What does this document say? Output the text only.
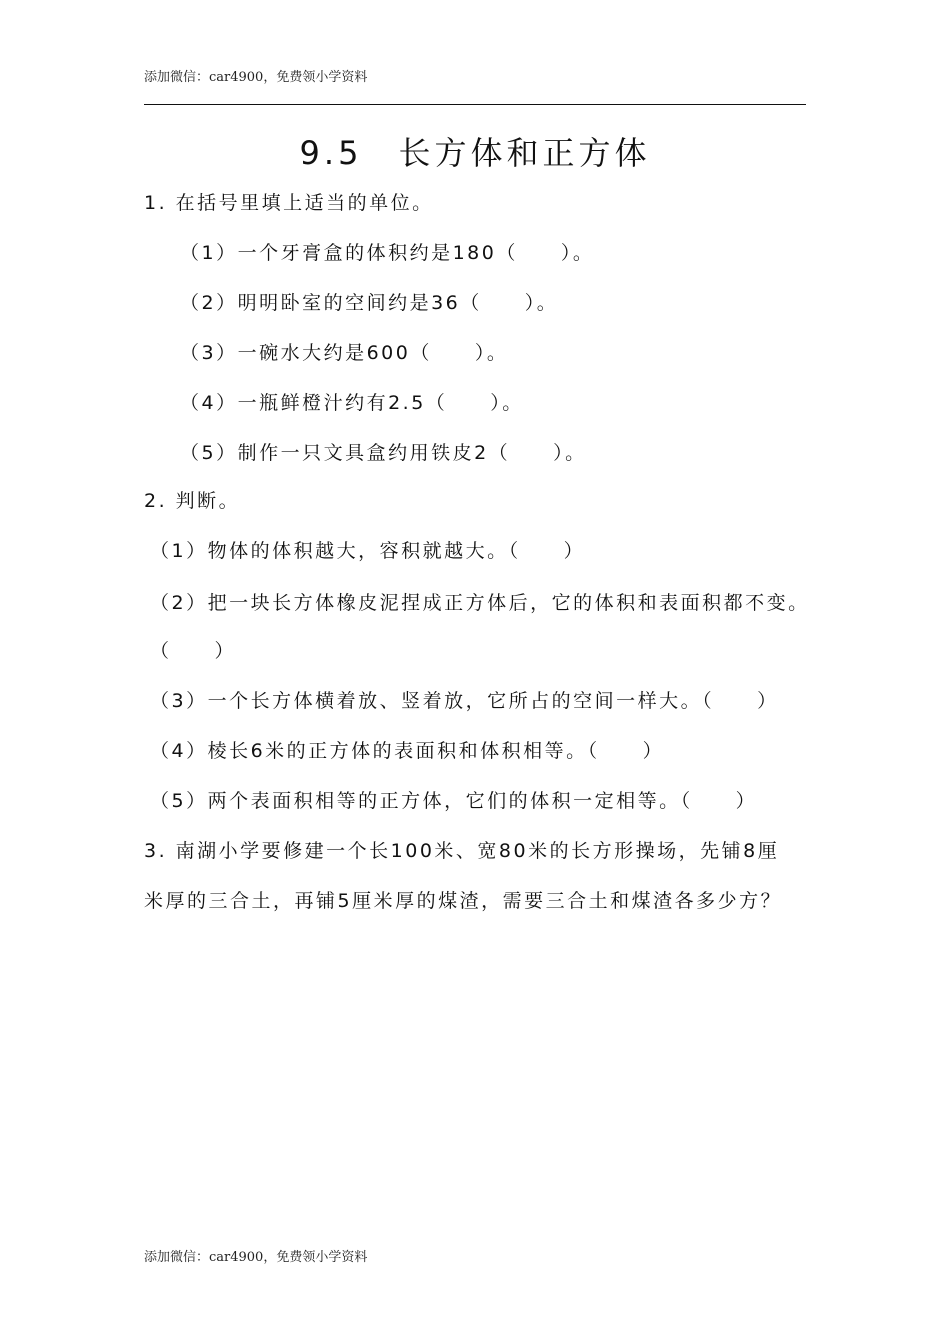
添加微信：car4900，免费领小学资料
9.5　长方体和正方体
1. 在括号里填上适当的单位。
（1）一个牙膏盒的体积约是180（　　）。
（2）明明卧室的空间约是36（　　）。
（3）一碗水大约是600（　　）。
（4）一瓶鲜橙汁约有2.5（　　）。
（5）制作一只文具盒约用铁皮2（　　）。
2. 判断。
（1）物体的体积越大，容积就越大。（　　）
（2）把一块长方体橡皮泥捏成正方体后，它的体积和表面积都不变。
（　　）
（3）一个长方体横着放、竖着放，它所占的空间一样大。（　　）
（4）棱长6米的正方体的表面积和体积相等。（　　）
（5）两个表面积相等的正方体，它们的体积一定相等。（　　）
3. 南湖小学要修建一个长100米、宽80米的长方形操场，先铺8厘
米厚的三合土，再铺5厘米厚的煤渣，需要三合土和煤渣各多少方？
添加微信：car4900，免费领小学资料
